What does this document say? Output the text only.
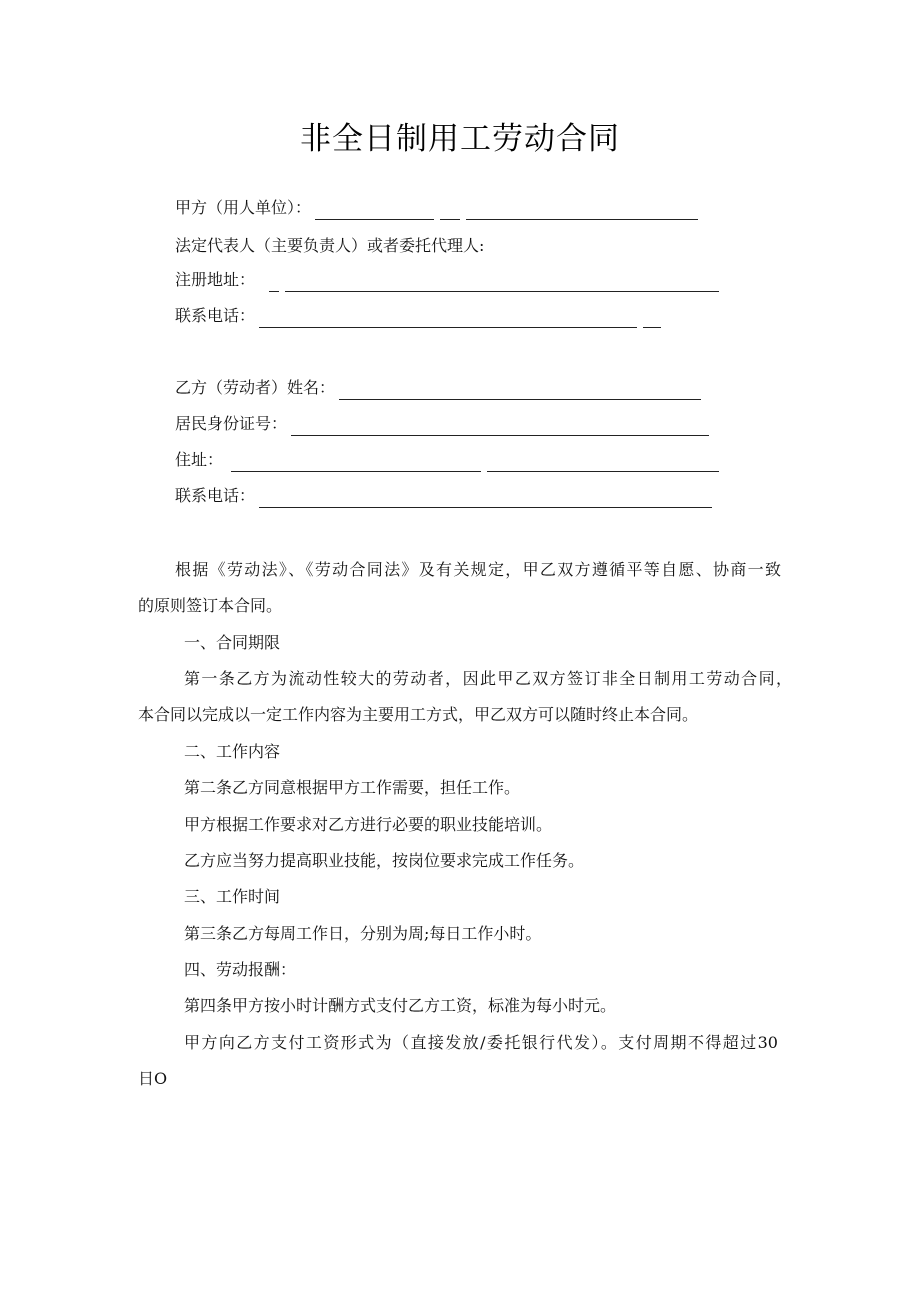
非全日制用工劳动合同
甲方（用人单位）：
法定代表人（主要负责人）或者委托代理人:
注册地址：
联系电话：
乙方（劳动者）姓名：
居民身份证号：
住址：
联系电话：
根据《劳动法》、《劳动合同法》及有关规定，甲乙双方遵循平等自愿、协商一致
的原则签订本合同。
一、合同期限
第一条乙方为流动性较大的劳动者，因此甲乙双方签订非全日制用工劳动合同，
本合同以完成以一定工作内容为主要用工方式，甲乙双方可以随时终止本合同。
二、工作内容
第二条乙方同意根据甲方工作需要，担任工作。
甲方根据工作要求对乙方进行必要的职业技能培训。
乙方应当努力提高职业技能，按岗位要求完成工作任务。
三、工作时间
第三条乙方每周工作日，分别为周;每日工作小时。
四、劳动报酬：
第四条甲方按小时计酬方式支付乙方工资，标准为每小时元。
甲方向乙方支付工资形式为（直接发放/委托银行代发）。支付周期不得超过30
日O
